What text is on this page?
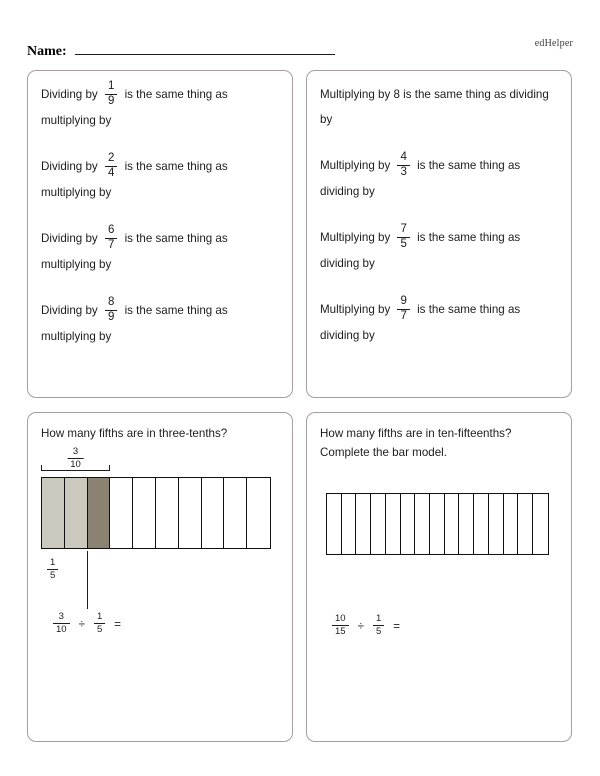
Name:
edHelper
Dividing by $\frac{1}{9}$ is the same thing as
multiplying by
Dividing by $\frac{2}{4}$ is the same thing as
multiplying by
Dividing by $\frac{6}{7}$ is the same thing as
multiplying by
Dividing by $\frac{8}{9}$ is the same thing as
multiplying by
Multiplying by 8 is the same thing as dividing
by
Multiplying by $\frac{4}{3}$ is the same thing as
dividing by
Multiplying by $\frac{7}{5}$ is the same thing as
dividing by
Multiplying by $\frac{9}{7}$ is the same thing as
dividing by
How many fifths are in three-tenths?
$\frac{3}{10}$
$\frac{1}{5}$
$\frac{3}{10} \div \frac{1}{5}$ =
How many fifths are in ten-fifteenths?
Complete the bar model.
$\frac{10}{15} \div \frac{1}{5}$ =
